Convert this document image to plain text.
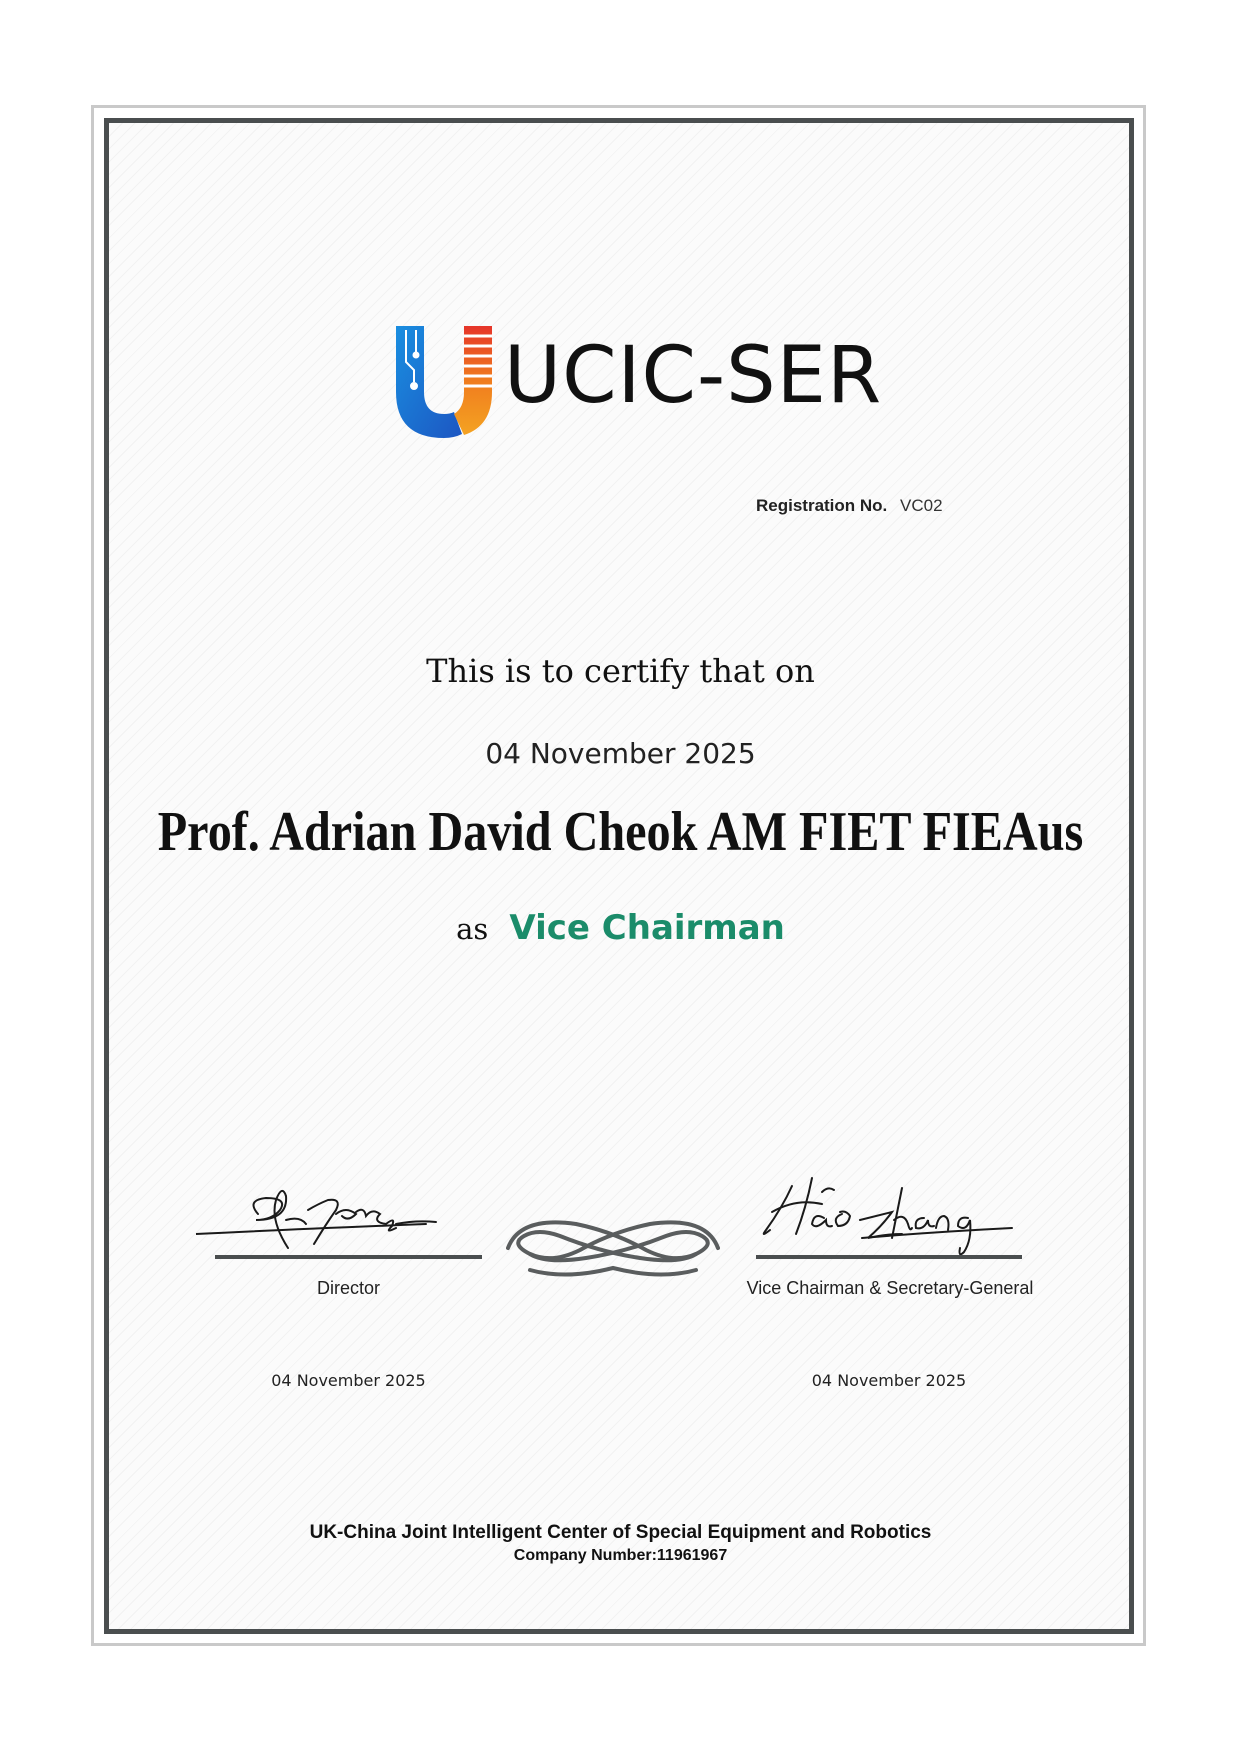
UCIC-SER
Registration No. VC02
This is to certify that on
04 November 2025
Prof. Adrian David Cheok AM FIET FIEAus
as Vice Chairman
Director
04 November 2025
Vice Chairman & Secretary-General
04 November 2025
UK-China Joint Intelligent Center of Special Equipment and Robotics
Company Number:11961967
